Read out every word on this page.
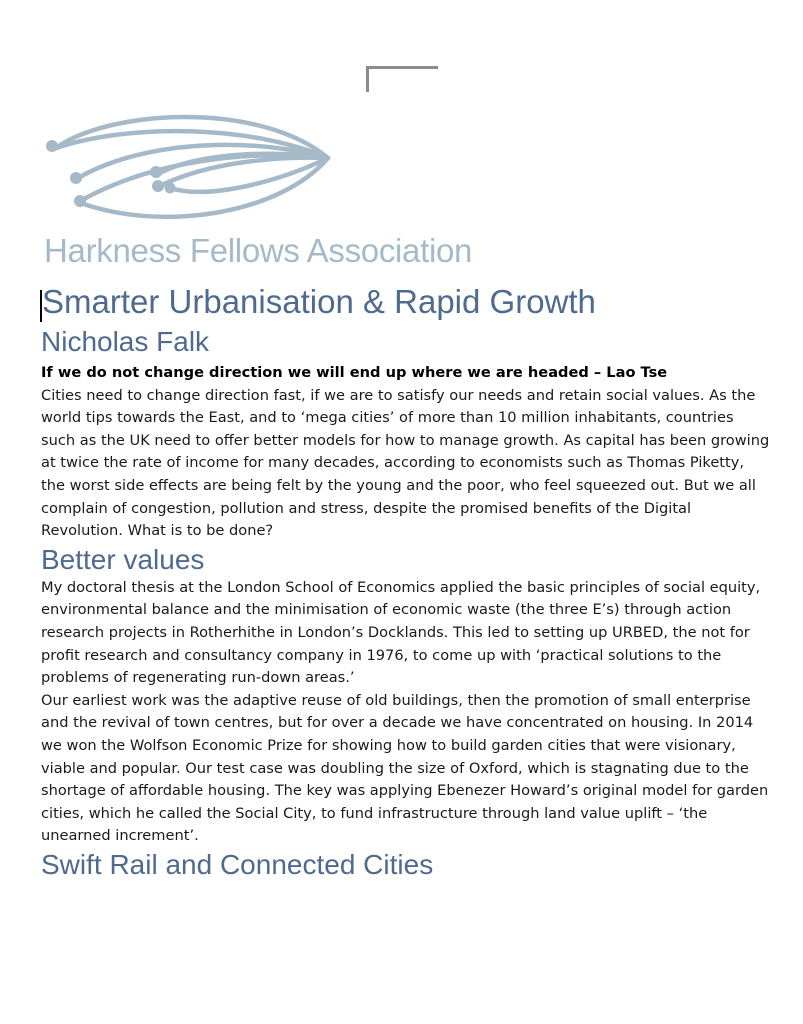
Harkness Fellows Association
Smarter Urbanisation & Rapid Growth
Nicholas Falk

If we do not change direction we will end up where we are headed – Lao Tse

Cities need to change direction fast, if we are to satisfy our needs and retain social values. As the world tips towards the East, and to ‘mega cities’ of more than 10 million inhabitants, countries such as the UK need to offer better models for how to manage growth. As capital has been growing at twice the rate of income for many decades, according to economists such as Thomas Piketty, the worst side effects are being felt by the young and the poor, who feel squeezed out. But we all complain of congestion, pollution and stress, despite the promised benefits of the Digital Revolution. What is to be done?

Better values

My doctoral thesis at the London School of Economics applied the basic principles of social equity, environmental balance and the minimisation of economic waste (the three E’s) through action research projects in Rotherhithe in London’s Docklands. This led to setting up URBED, the not for profit research and consultancy company in 1976, to come up with ‘practical solutions to the problems of regenerating run-down areas.’

Our earliest work was the adaptive reuse of old buildings, then the promotion of small enterprise and the revival of town centres, but for over a decade we have concentrated on housing. In 2014 we won the Wolfson Economic Prize for showing how to build garden cities that were visionary, viable and popular. Our test case was doubling the size of Oxford, which is stagnating due to the shortage of affordable housing. The key was applying Ebenezer Howard’s original model for garden cities, which he called the Social City, to fund infrastructure through land value uplift – ‘the unearned increment’.

Swift Rail and Connected Cities
